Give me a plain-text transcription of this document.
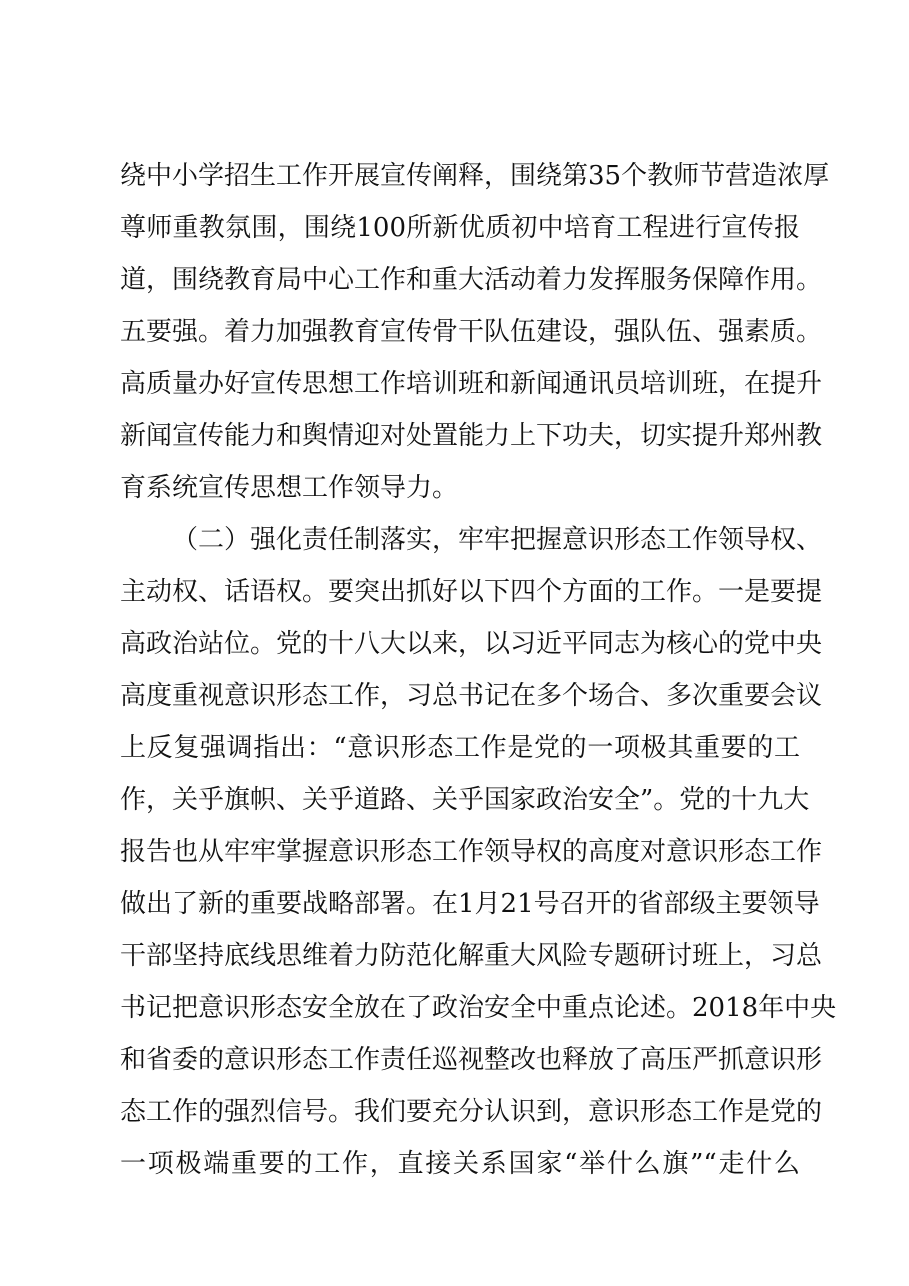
绕中小学招生工作开展宣传阐释，围绕第35个教师节营造浓厚
尊师重教氛围，围绕100所新优质初中培育工程进行宣传报
道，围绕教育局中心工作和重大活动着力发挥服务保障作用。
五要强。着力加强教育宣传骨干队伍建设，强队伍、强素质。
高质量办好宣传思想工作培训班和新闻通讯员培训班，在提升
新闻宣传能力和舆情迎对处置能力上下功夫，切实提升郑州教
育系统宣传思想工作领导力。
（二）强化责任制落实，牢牢把握意识形态工作领导权、
主动权、话语权。要突出抓好以下四个方面的工作。一是要提
高政治站位。党的十八大以来，以习近平同志为核心的党中央
高度重视意识形态工作，习总书记在多个场合、多次重要会议
上反复强调指出：“意识形态工作是党的一项极其重要的工
作，关乎旗帜、关乎道路、关乎国家政治安全”。党的十九大
报告也从牢牢掌握意识形态工作领导权的高度对意识形态工作
做出了新的重要战略部署。在1月21号召开的省部级主要领导
干部坚持底线思维着力防范化解重大风险专题研讨班上，习总
书记把意识形态安全放在了政治安全中重点论述。2018年中央
和省委的意识形态工作责任巡视整改也释放了高压严抓意识形
态工作的强烈信号。我们要充分认识到，意识形态工作是党的
一项极端重要的工作，直接关系国家“举什么旗”“走什么
